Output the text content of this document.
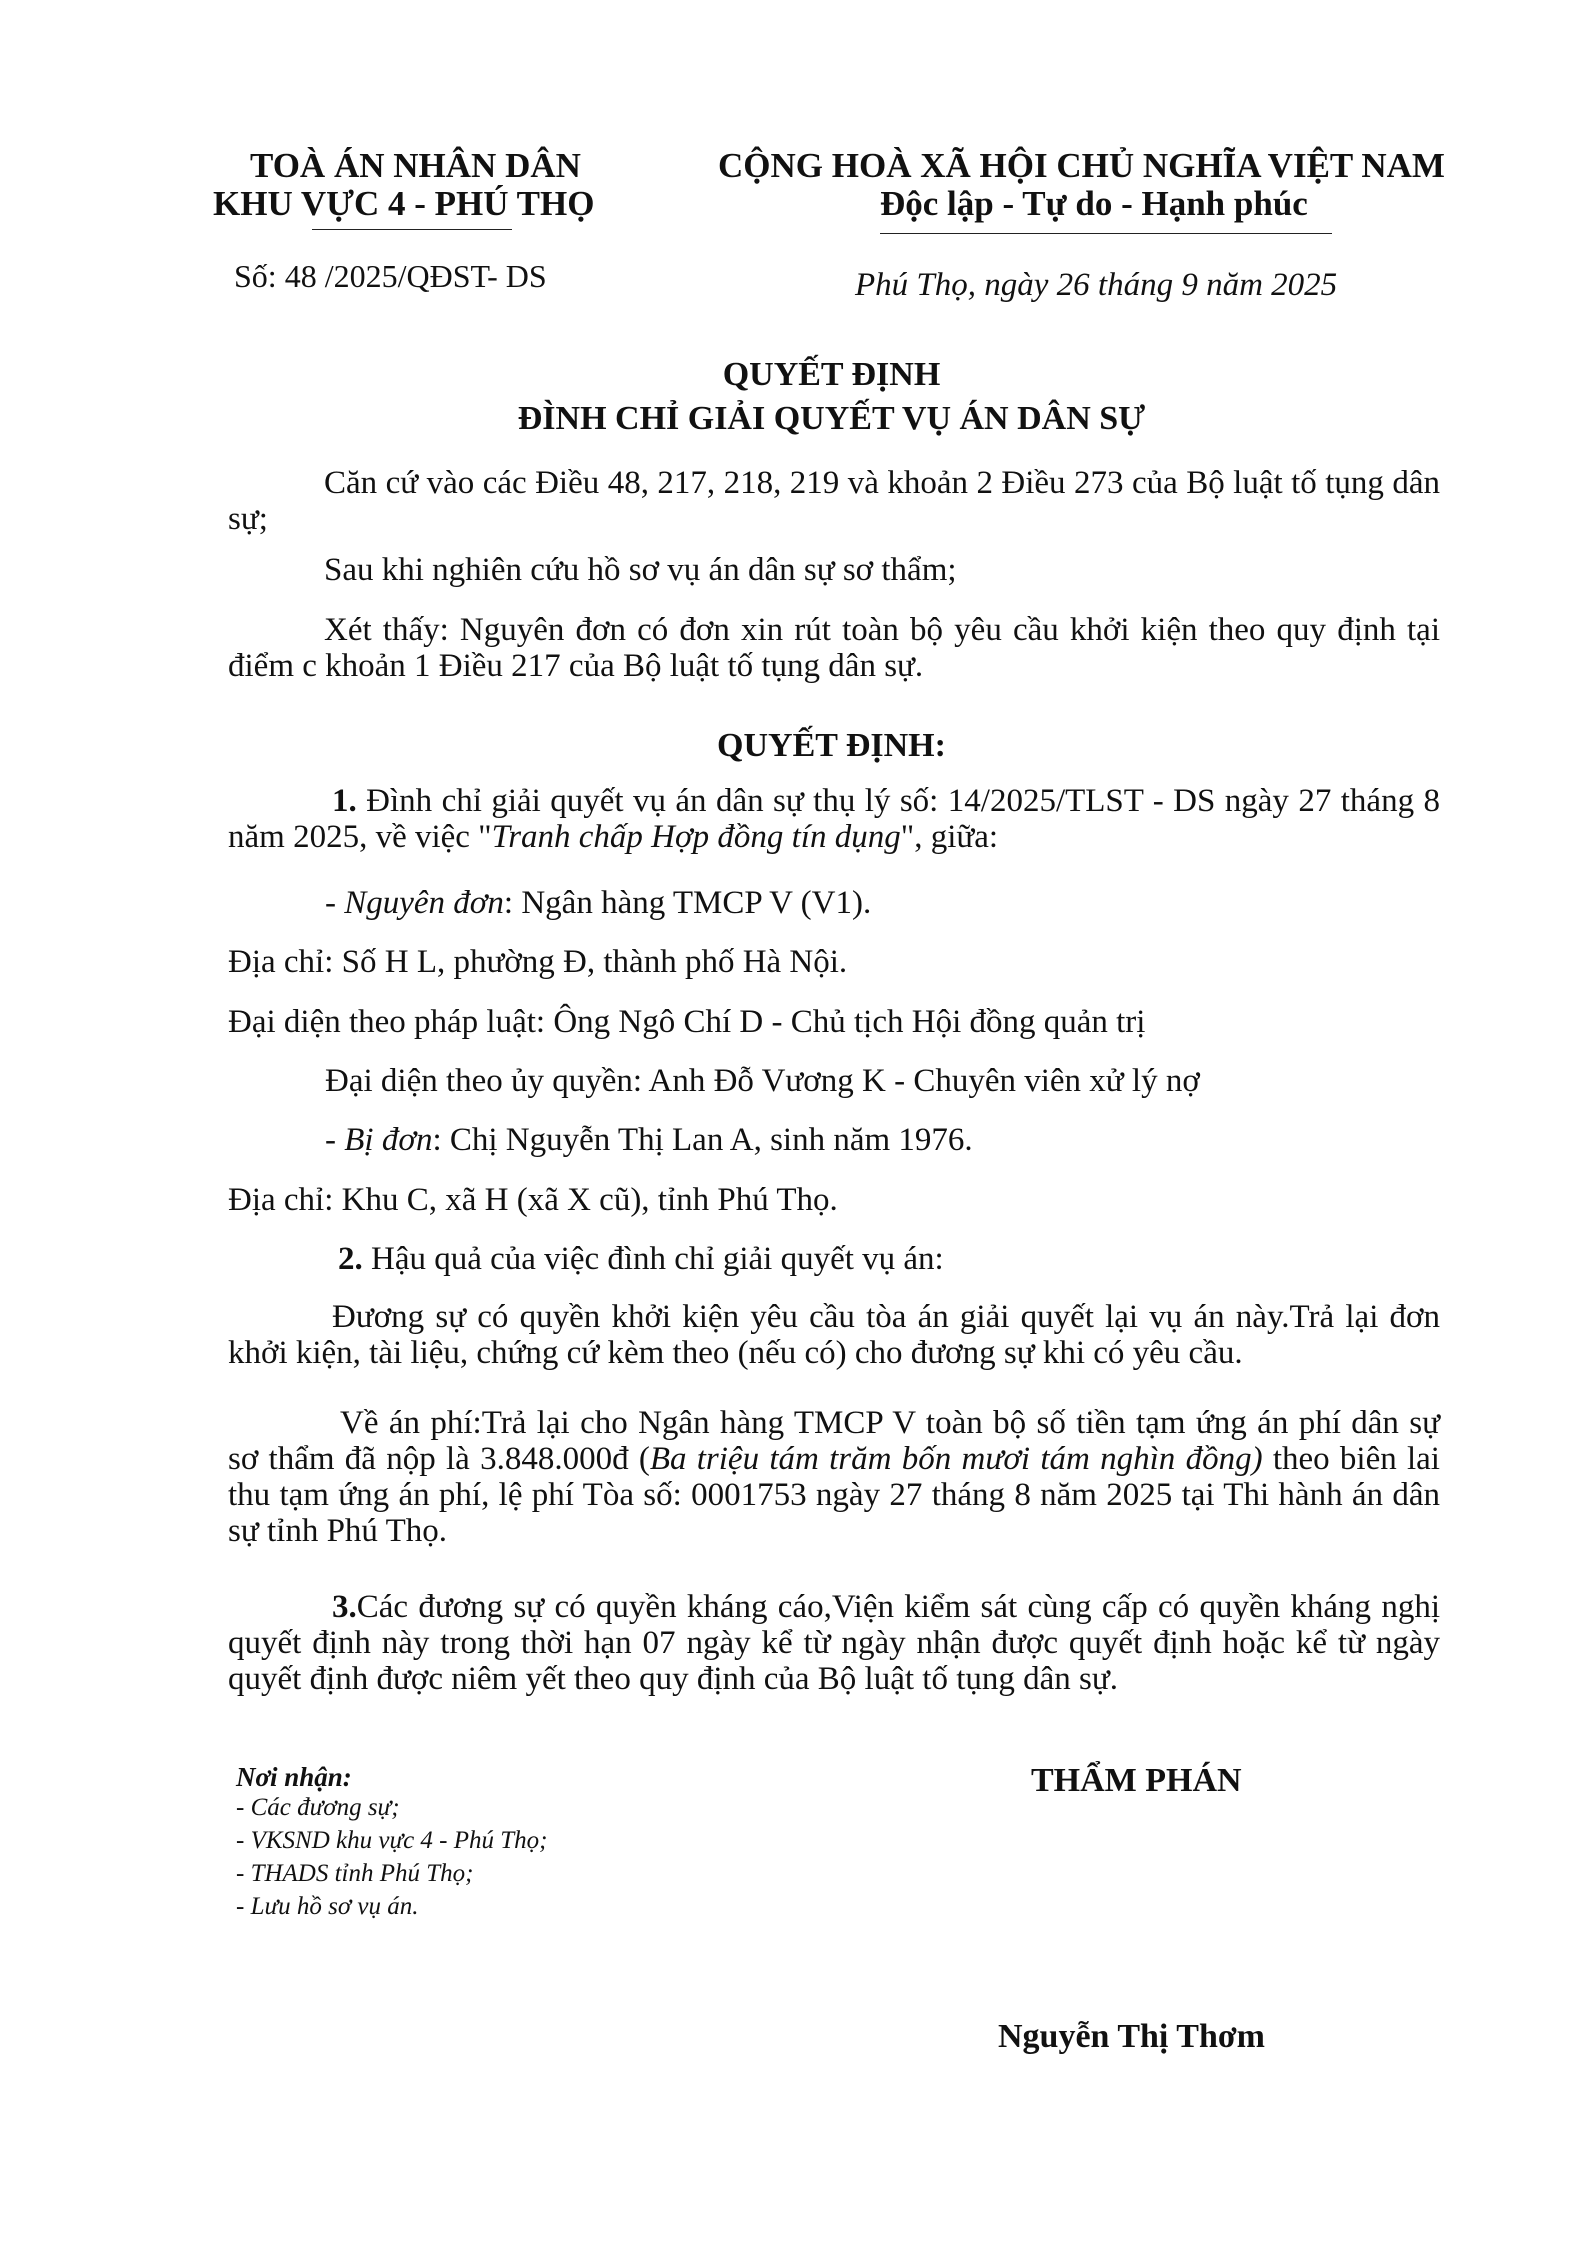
TOÀ ÁN NHÂN DÂN
KHU VỰC 4 - PHÚ THỌ
Số: 48 /2025/QĐST- DS
CỘNG HOÀ XÃ HỘI CHỦ NGHĨA VIỆT NAM
Độc lập - Tự do - Hạnh phúc
Phú Thọ, ngày 26 tháng 9 năm 2025
QUYẾT ĐỊNH
ĐÌNH CHỈ GIẢI QUYẾT VỤ ÁN DÂN SỰ
Căn cứ vào các Điều 48, 217, 218, 219 và khoản 2 Điều 273 của Bộ luật tố tụng dân sự;
Sau khi nghiên cứu hồ sơ vụ án dân sự sơ thẩm;
Xét thấy: Nguyên đơn có đơn xin rút toàn bộ yêu cầu khởi kiện theo quy định tại điểm c khoản 1 Điều 217 của Bộ luật tố tụng dân sự.
QUYẾT ĐỊNH:
1. Đình chỉ giải quyết vụ án dân sự thụ lý số: 14/2025/TLST - DS ngày 27 tháng 8 năm 2025, về việc "Tranh chấp Hợp đồng tín dụng", giữa:
- Nguyên đơn: Ngân hàng TMCP V (V1).
Địa chỉ: Số H L, phường Đ, thành phố Hà Nội.
Đại diện theo pháp luật: Ông Ngô Chí D - Chủ tịch Hội đồng quản trị
Đại diện theo ủy quyền: Anh Đỗ Vương K - Chuyên viên xử lý nợ
- Bị đơn: Chị Nguyễn Thị Lan A, sinh năm 1976.
Địa chỉ: Khu C, xã H (xã X cũ), tỉnh Phú Thọ.
2. Hậu quả của việc đình chỉ giải quyết vụ án:
Đương sự có quyền khởi kiện yêu cầu tòa án giải quyết lại vụ án này.Trả lại đơn khởi kiện, tài liệu, chứng cứ kèm theo (nếu có) cho đương sự khi có yêu cầu.
Về án phí:Trả lại cho Ngân hàng TMCP V toàn bộ số tiền tạm ứng án phí dân sự sơ thẩm đã nộp là 3.848.000đ (Ba triệu tám trăm bốn mươi tám nghìn đồng) theo biên lai thu tạm ứng án phí, lệ phí Tòa số: 0001753 ngày 27 tháng 8 năm 2025 tại Thi hành án dân sự tỉnh Phú Thọ.
3.Các đương sự có quyền kháng cáo,Viện kiểm sát cùng cấp có quyền kháng nghị quyết định này trong thời hạn 07 ngày kể từ ngày nhận được quyết định hoặc kể từ ngày quyết định được niêm yết theo quy định của Bộ luật tố tụng dân sự.
Nơi nhận:
- Các đương sự;
- VKSND khu vực 4 - Phú Thọ;
- THADS tỉnh Phú Thọ;
- Lưu hồ sơ vụ án.
THẨM PHÁN
Nguyễn Thị Thơm
